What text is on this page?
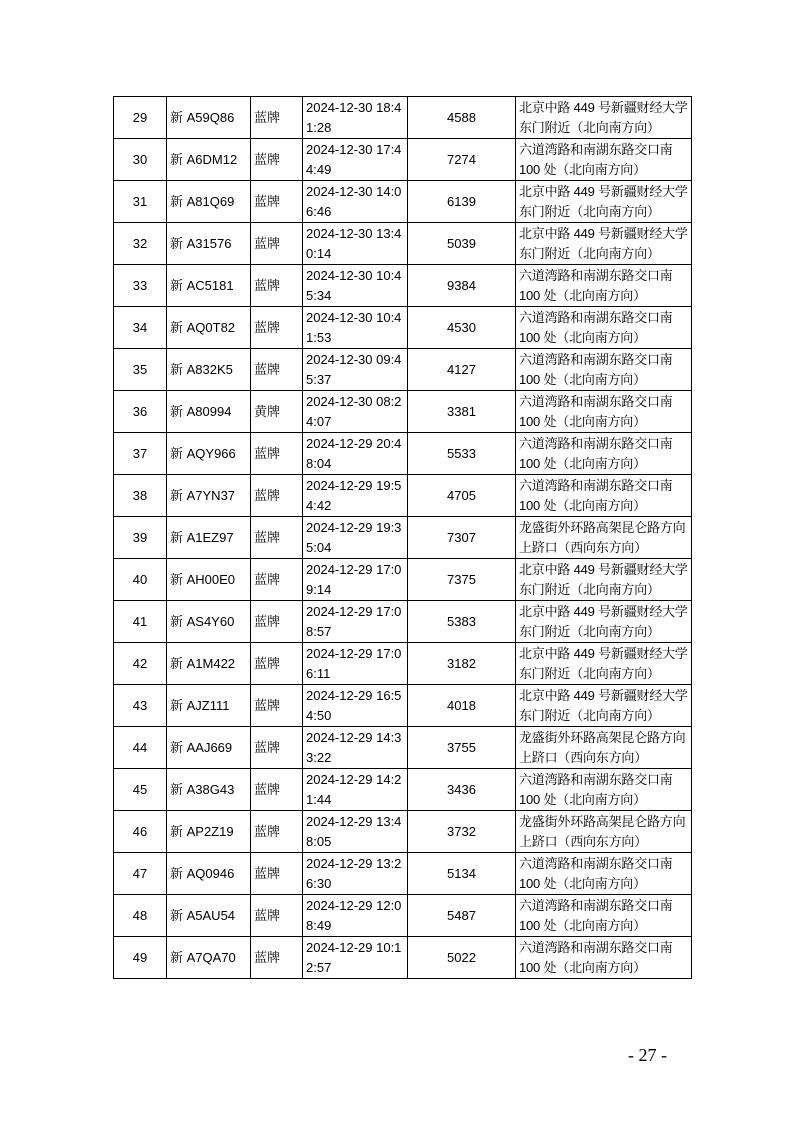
29	新 A59Q86	蓝牌	2024-12-30 18:41:28	4588	北京中路 449 号新疆财经大学东门附近（北向南方向）
30	新 A6DM12	蓝牌	2024-12-30 17:44:49	7274	六道湾路和南湖东路交口南 100 处（北向南方向）
31	新 A81Q69	蓝牌	2024-12-30 14:06:46	6139	北京中路 449 号新疆财经大学东门附近（北向南方向）
32	新 A31576	蓝牌	2024-12-30 13:40:14	5039	北京中路 449 号新疆财经大学东门附近（北向南方向）
33	新 AC5181	蓝牌	2024-12-30 10:45:34	9384	六道湾路和南湖东路交口南 100 处（北向南方向）
34	新 AQ0T82	蓝牌	2024-12-30 10:41:53	4530	六道湾路和南湖东路交口南 100 处（北向南方向）
35	新 A832K5	蓝牌	2024-12-30 09:45:37	4127	六道湾路和南湖东路交口南 100 处（北向南方向）
36	新 A80994	黄牌	2024-12-30 08:24:07	3381	六道湾路和南湖东路交口南 100 处（北向南方向）
37	新 AQY966	蓝牌	2024-12-29 20:48:04	5533	六道湾路和南湖东路交口南 100 处（北向南方向）
38	新 A7YN37	蓝牌	2024-12-29 19:54:42	4705	六道湾路和南湖东路交口南 100 处（北向南方向）
39	新 A1EZ97	蓝牌	2024-12-29 19:35:04	7307	龙盛街外环路高架昆仑路方向上跻口（西向东方向）
40	新 AH00E0	蓝牌	2024-12-29 17:09:14	7375	北京中路 449 号新疆财经大学东门附近（北向南方向）
41	新 AS4Y60	蓝牌	2024-12-29 17:08:57	5383	北京中路 449 号新疆财经大学东门附近（北向南方向）
42	新 A1M422	蓝牌	2024-12-29 17:06:11	3182	北京中路 449 号新疆财经大学东门附近（北向南方向）
43	新 AJZ111	蓝牌	2024-12-29 16:54:50	4018	北京中路 449 号新疆财经大学东门附近（北向南方向）
44	新 AAJ669	蓝牌	2024-12-29 14:33:22	3755	龙盛街外环路高架昆仑路方向上跻口（西向东方向）
45	新 A38G43	蓝牌	2024-12-29 14:21:44	3436	六道湾路和南湖东路交口南 100 处（北向南方向）
46	新 AP2Z19	蓝牌	2024-12-29 13:48:05	3732	龙盛街外环路高架昆仑路方向上跻口（西向东方向）
47	新 AQ0946	蓝牌	2024-12-29 13:26:30	5134	六道湾路和南湖东路交口南 100 处（北向南方向）
48	新 A5AU54	蓝牌	2024-12-29 12:08:49	5487	六道湾路和南湖东路交口南 100 处（北向南方向）
49	新 A7QA70	蓝牌	2024-12-29 10:12:57	5022	六道湾路和南湖东路交口南 100 处（北向南方向）
- 27 -
